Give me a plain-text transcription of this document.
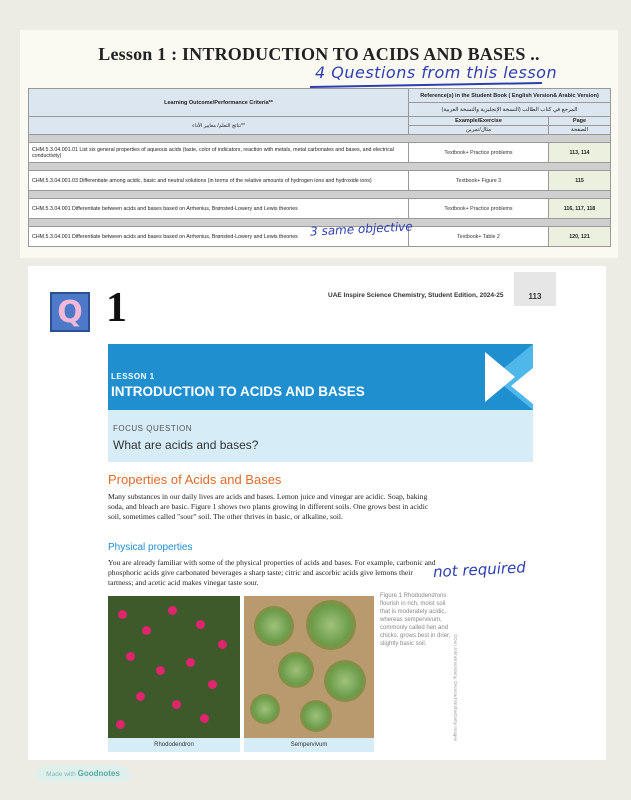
Lesson 1 : INTRODUCTION TO ACIDS AND BASES ..
4 Questions from this lesson
Learning Outcome/Performance Criteria**	Reference(s) in the Student Book ( English Version& Arabic Version)	
	المرجع في كتاب الطالب (النسخة الإنجليزية والنسخة العربية)	
نتائج التعلم/ معايير الأداء**	Example/Exercise	Page
	مثال/تمرين	الصفحة

CHM.5.3.04.001.01 List six general properties of aqueous acids (taste, color of indicators, reaction with metals, metal carbonates and bases, and electrical conductivity)	Textbook+ Practice problems	113, 114

CHM.5.3.04.001.03 Differentiate among acidic, basic and neutral solutions (in terms of the relative amounts of hydrogen ions and hydroxide ions)	Textbook+ Figure 3	115

CHM.5.3.04.001 Differentiate between acids and bases based on Arrhenius, Brønsted-Lowery and Lewis theories	Textbook+ Practice problems	116, 117, 118

CHM.5.3.04.001 Differentiate between acids and bases based on Arrhenius, Brønsted-Lowery and Lewis theories	Textbook+ Table 2	120, 121
3 same objective
Q 1	UAE Inspire Science Chemistry, Student Edition, 2024-25	113
LESSON 1
INTRODUCTION TO ACIDS AND BASES
FOCUS QUESTION
What are acids and bases?
Properties of Acids and Bases
Many substances in our daily lives are acids and bases. Lemon juice and vinegar are acidic. Soap, baking soda, and bleach are basic. Figure 1 shows two plants growing in different soils. One grows best in acidic soil, sometimes called "sour" soil. The other thrives in basic, or alkaline, soil.
Physical properties
You are already familiar with some of the physical properties of acids and bases. For example, carbonic and phosphoric acids give carbonated beverages a sharp taste; citric and ascorbic acids give lemons their tartness; and acetic acid makes vinegar taste sour.
not required
Rhododendron	Sempervivum
Figure 1 Rhododendrons flourish in rich, moist soil that is moderately acidic, whereas sempervivum, commonly called hen and chicks, grows best in drier, slightly basic soil.	©Don Johnston/Alamy, ©Konrad Wothe/Getty Images
Made with Goodnotes
